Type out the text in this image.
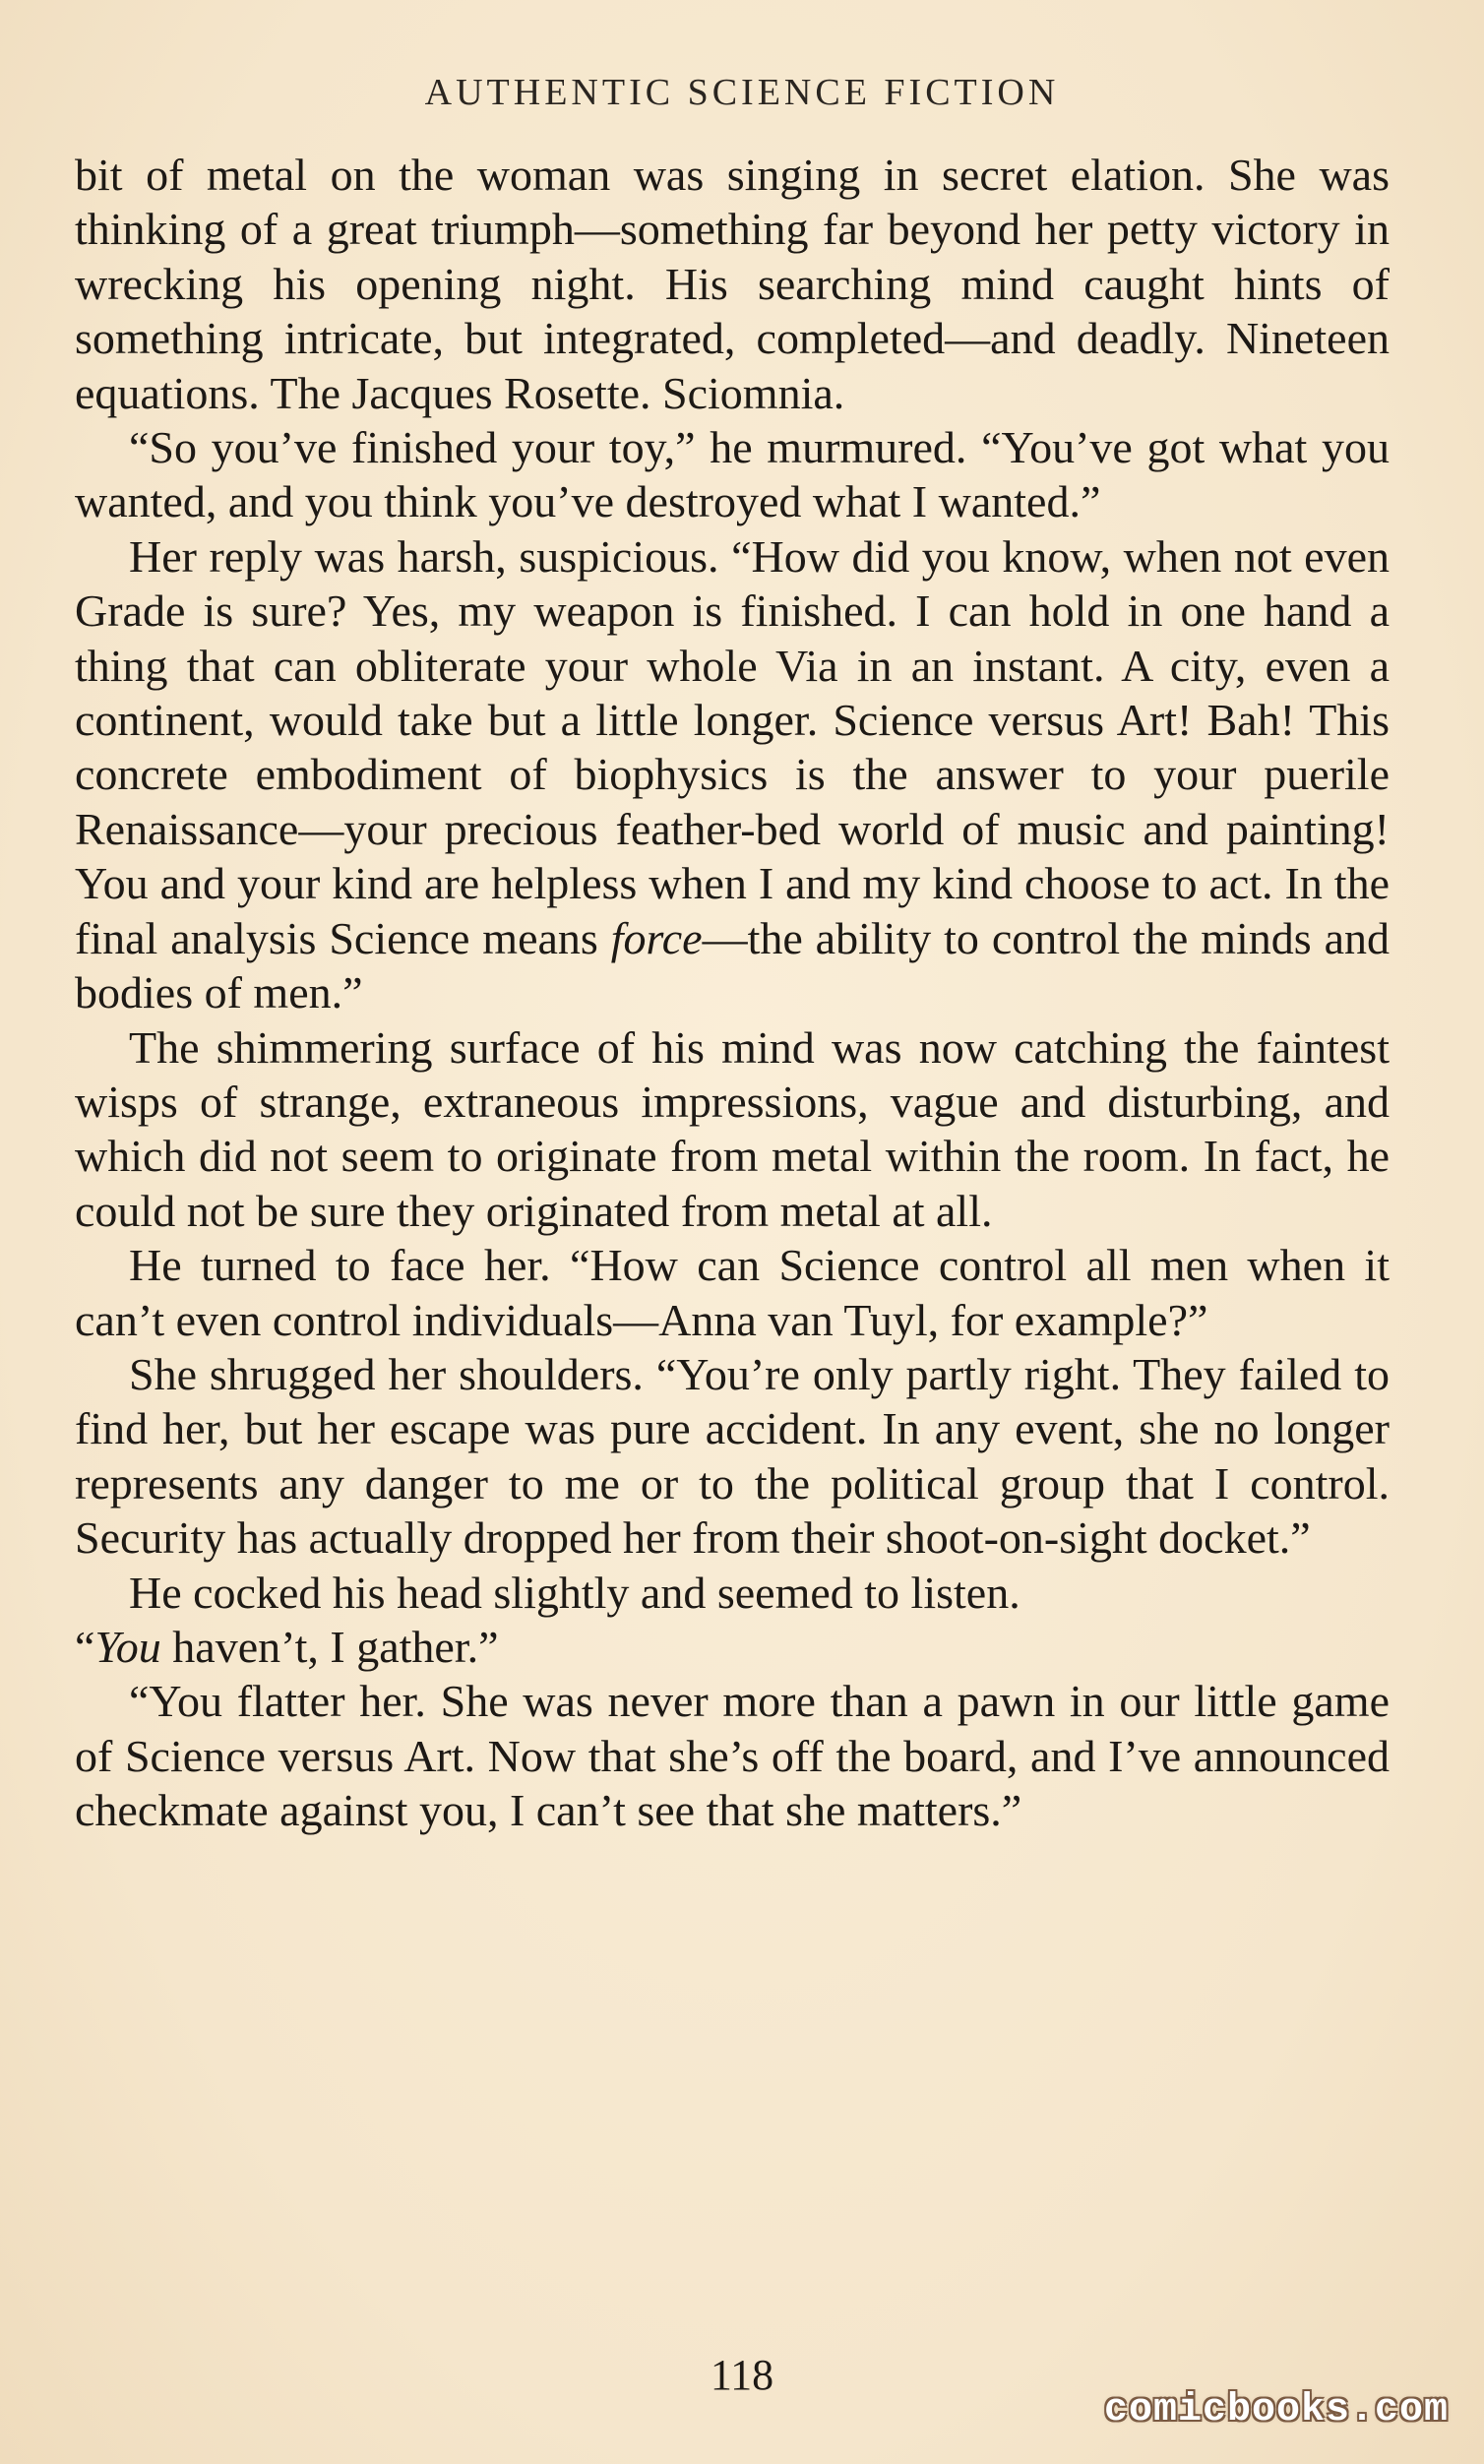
AUTHENTIC SCIENCE FICTION

bit of metal on the woman was singing in secret elation. She was thinking of a great triumph—something far beyond her petty victory in wrecking his opening night. His searching mind caught hints of something intricate, but integrated, completed—and deadly. Nineteen equations. The Jacques Rosette. Sciomnia.

“So you’ve finished your toy,” he murmured. “You’ve got what you wanted, and you think you’ve destroyed what I wanted.”

Her reply was harsh, suspicious. “How did you know, when not even Grade is sure? Yes, my weapon is finished. I can hold in one hand a thing that can obliterate your whole Via in an instant. A city, even a continent, would take but a little longer. Science versus Art! Bah! This concrete embodiment of biophysics is the answer to your puerile Renaissance—your precious feather-bed world of music and painting! You and your kind are helpless when I and my kind choose to act. In the final analysis Science means force—the ability to control the minds and bodies of men.”

The shimmering surface of his mind was now catching the faintest wisps of strange, extraneous impressions, vague and disturbing, and which did not seem to originate from metal within the room. In fact, he could not be sure they originated from metal at all.

He turned to face her. “How can Science control all men when it can’t even control individuals—Anna van Tuyl, for example?”

She shrugged her shoulders. “You’re only partly right. They failed to find her, but her escape was pure accident. In any event, she no longer represents any danger to me or to the political group that I control. Security has actually dropped her from their shoot-on-sight docket.”

He cocked his head slightly and seemed to listen.
“You haven’t, I gather.”

“You flatter her. She was never more than a pawn in our little game of Science versus Art. Now that she’s off the board, and I’ve announced checkmate against you, I can’t see that she matters.”

118
comicbooks.com
